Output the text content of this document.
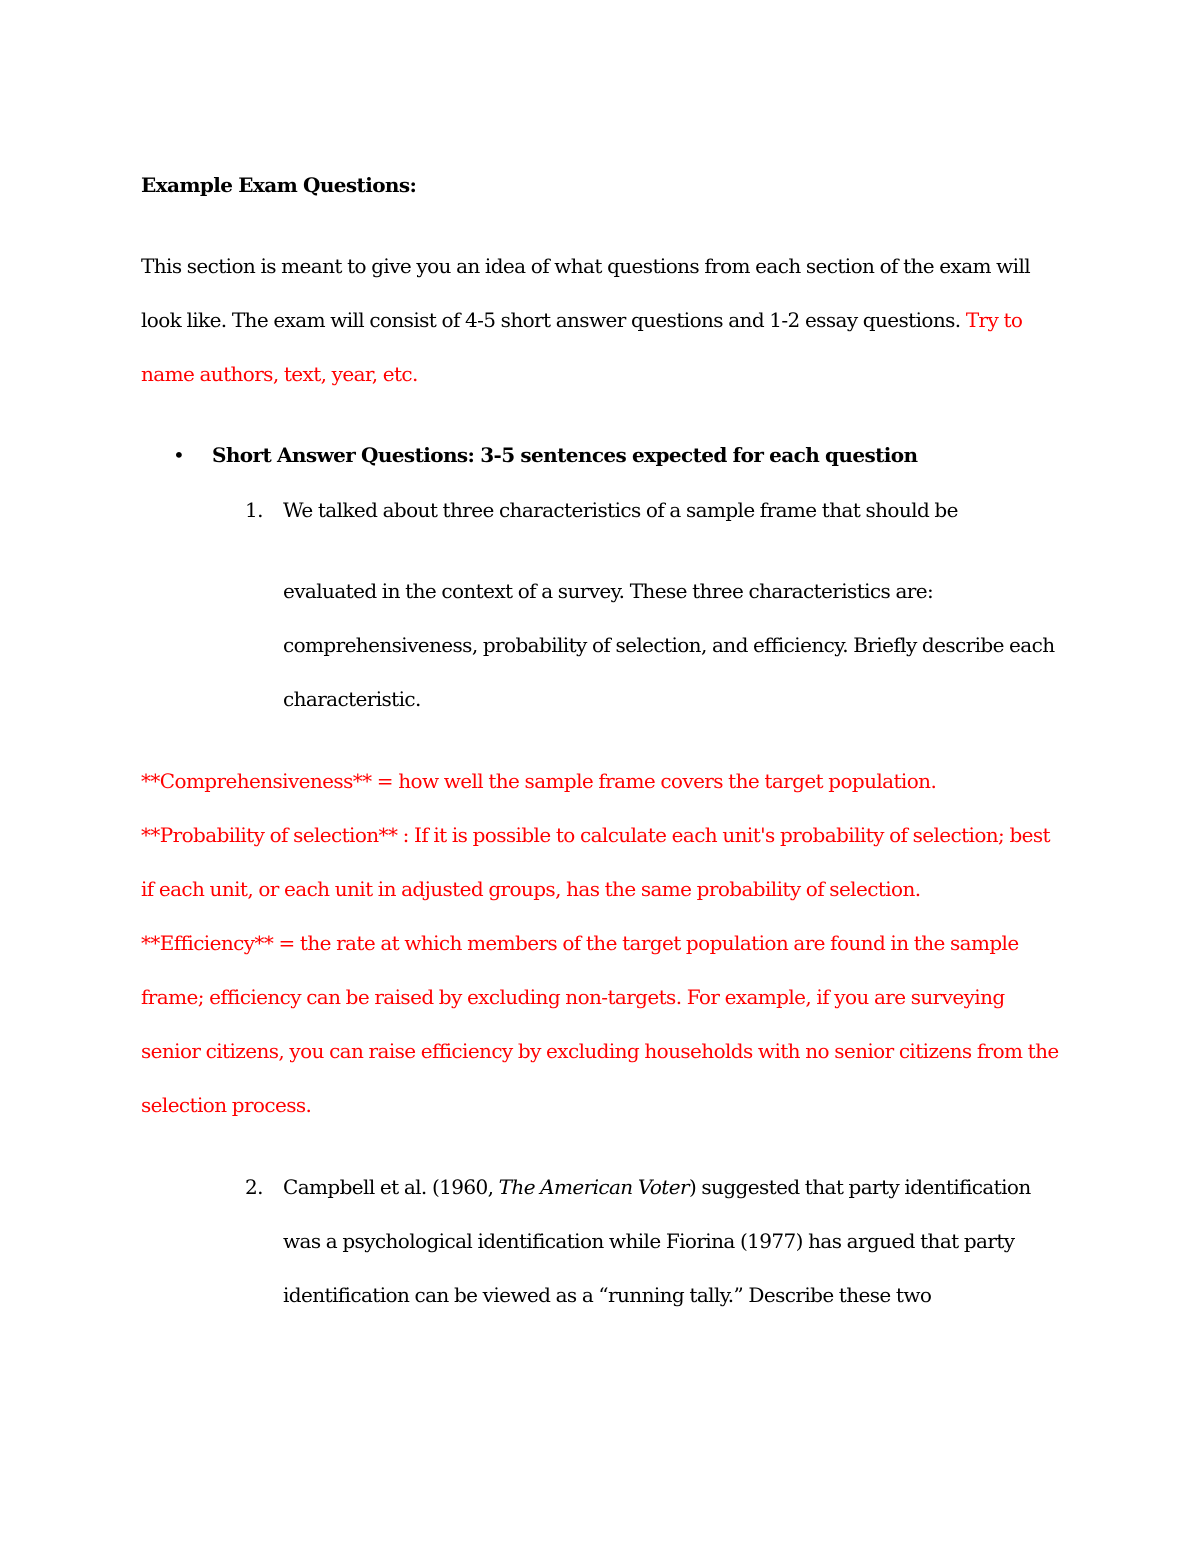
Example Exam Questions:
This section is meant to give you an idea of what questions from each section of the exam will
look like. The exam will consist of 4-5 short answer questions and 1-2 essay questions. Try to
name authors, text, year, etc.
• Short Answer Questions: 3-5 sentences expected for each question
1. We talked about three characteristics of a sample frame that should be
evaluated in the context of a survey. These three characteristics are:
comprehensiveness, probability of selection, and efficiency. Briefly describe each
characteristic.
**Comprehensiveness** = how well the sample frame covers the target population.
**Probability of selection** : If it is possible to calculate each unit's probability of selection; best
if each unit, or each unit in adjusted groups, has the same probability of selection.
**Efficiency** = the rate at which members of the target population are found in the sample
frame; efficiency can be raised by excluding non-targets. For example, if you are surveying
senior citizens, you can raise efficiency by excluding households with no senior citizens from the
selection process.
2. Campbell et al. (1960, The American Voter) suggested that party identification
was a psychological identification while Fiorina (1977) has argued that party
identification can be viewed as a “running tally.” Describe these two
